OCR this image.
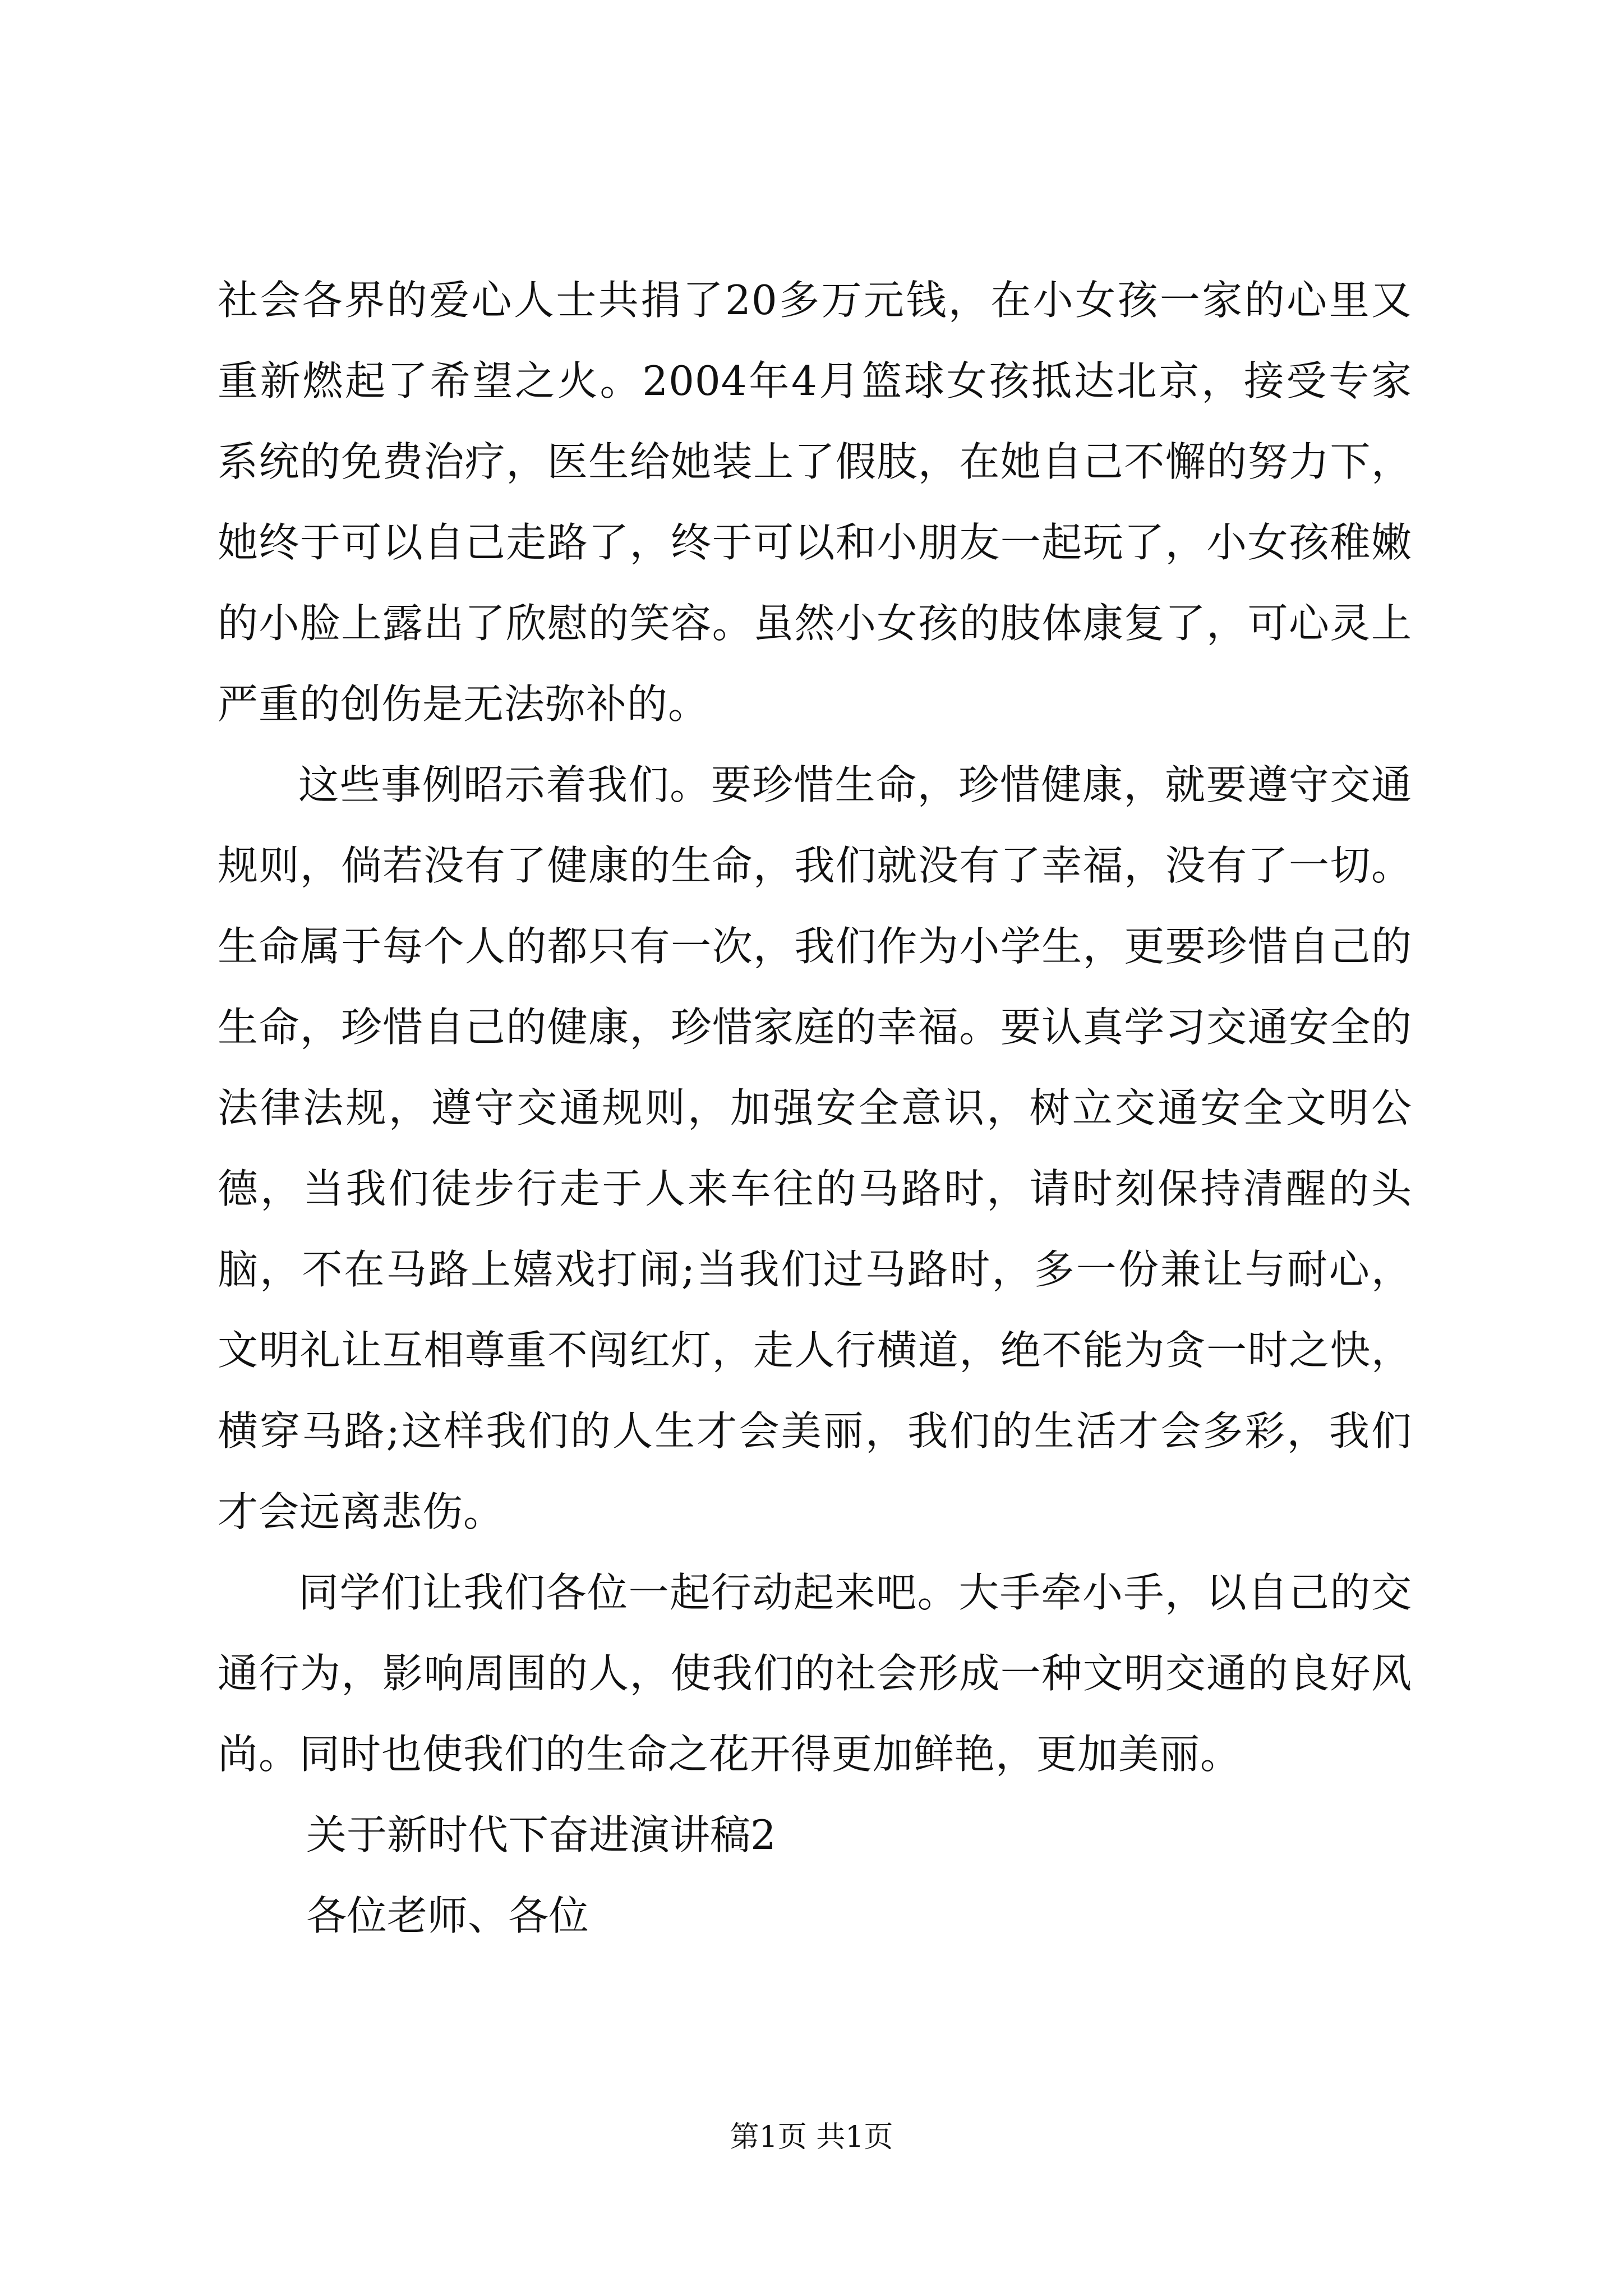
社会各界的爱心人士共捐了20多万元钱，在小女孩一家的心里又重新燃起了希望之火。2004年4月篮球女孩抵达北京，接受专家系统的免费治疗，医生给她装上了假肢，在她自己不懈的努力下，她终于可以自己走路了，终于可以和小朋友一起玩了，小女孩稚嫩的小脸上露出了欣慰的笑容。虽然小女孩的肢体康复了，可心灵上严重的创伤是无法弥补的。

这些事例昭示着我们。要珍惜生命，珍惜健康，就要遵守交通规则，倘若没有了健康的生命，我们就没有了幸福，没有了一切。生命属于每个人的都只有一次，我们作为小学生，更要珍惜自己的生命，珍惜自己的健康，珍惜家庭的幸福。要认真学习交通安全的法律法规，遵守交通规则，加强安全意识，树立交通安全文明公德，当我们徒步行走于人来车往的马路时，请时刻保持清醒的头脑，不在马路上嬉戏打闹;当我们过马路时，多一份兼让与耐心，文明礼让互相尊重不闯红灯，走人行横道，绝不能为贪一时之快，横穿马路;这样我们的人生才会美丽，我们的生活才会多彩，我们才会远离悲伤。

同学们让我们各位一起行动起来吧。大手牵小手，以自己的交通行为，影响周围的人，使我们的社会形成一种文明交通的良好风尚。同时也使我们的生命之花开得更加鲜艳，更加美丽。

关于新时代下奋进演讲稿2

各位老师、各位

第1页 共1页
